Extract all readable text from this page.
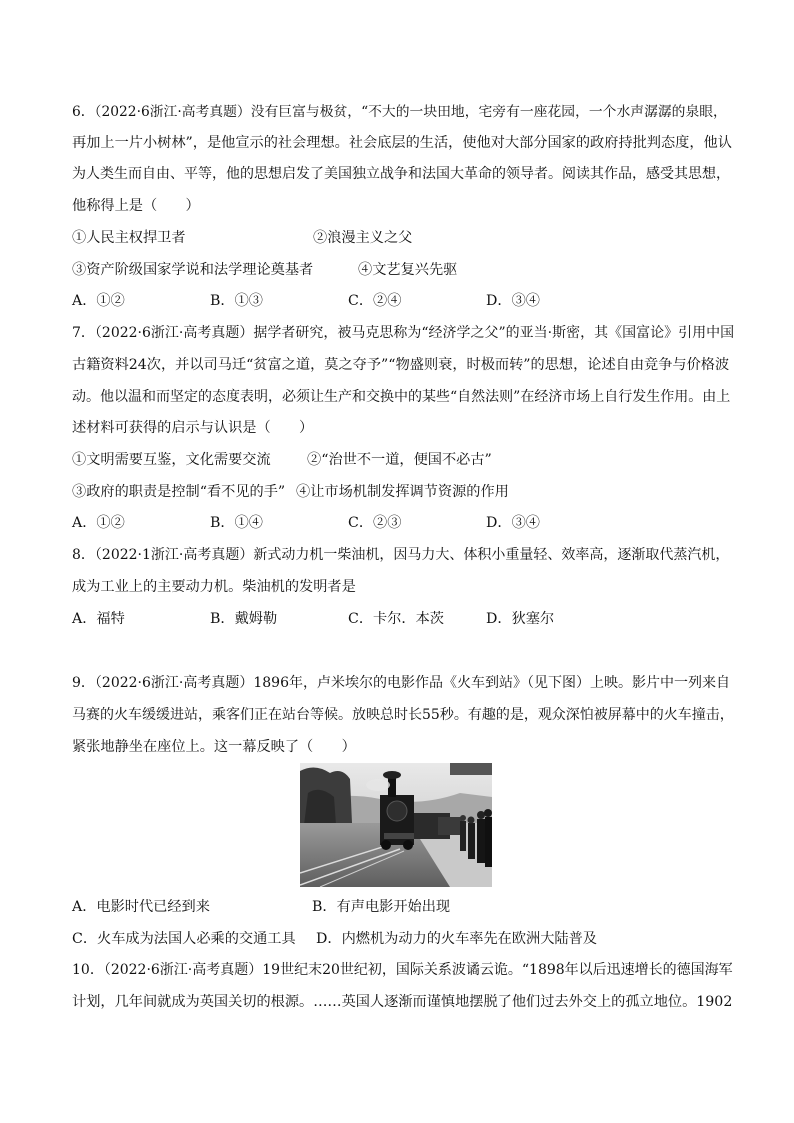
6．（2022·6浙江·高考真题）没有巨富与极贫，“不大的一块田地，宅旁有一座花园，一个水声潺潺的泉眼，
再加上一片小树林”，是他宣示的社会理想。社会底层的生活，使他对大部分国家的政府持批判态度，他认
为人类生而自由、平等，他的思想启发了美国独立战争和法国大革命的领导者。阅读其作品，感受其思想，
他称得上是（　　）
①人民主权捍卫者	②浪漫主义之父
③资产阶级国家学说和法学理论奠基者	④文艺复兴先驱
A．①②	B．①③	C．②④	D．③④
7．（2022·6浙江·高考真题）据学者研究，被马克思称为“经济学之父”的亚当·斯密，其《国富论》引用中国
古籍资料24次，并以司马迁“贫富之道，莫之夺予”“物盛则衰，时极而转”的思想，论述自由竞争与价格波
动。他以温和而坚定的态度表明，必须让生产和交换中的某些“自然法则”在经济市场上自行发生作用。由上
述材料可获得的启示与认识是（　　）
①文明需要互鉴，文化需要交流	②“治世不一道，便国不必古”
③政府的职责是控制“看不见的手” ④让市场机制发挥调节资源的作用
A．①②	B．①④	C．②③	D．③④
8．（2022·1浙江·高考真题）新式动力机一柴油机，因马力大、体积小重量轻、效率高，逐渐取代蒸汽机，
成为工业上的主要动力机。柴油机的发明者是
A．福特	B．戴姆勒	C．卡尔．本茨	D．狄塞尔
9．（2022·6浙江·高考真题）1896年，卢米埃尔的电影作品《火车到站》（见下图）上映。影片中一列来自
马赛的火车缓缓进站，乘客们正在站台等候。放映总时长55秒。有趣的是，观众深怕被屏幕中的火车撞击，
紧张地静坐在座位上。这一幕反映了（　　）
A．电影时代已经到来	B．有声电影开始出现
C．火车成为法国人必乘的交通工具 D．内燃机为动力的火车率先在欧洲大陆普及
10．（2022·6浙江·高考真题）19世纪末20世纪初，国际关系波谲云诡。“1898年以后迅速增长的德国海军
计划，几年间就成为英国关切的根源。……英国人逐渐而谨慎地摆脱了他们过去外交上的孤立地位。1902
